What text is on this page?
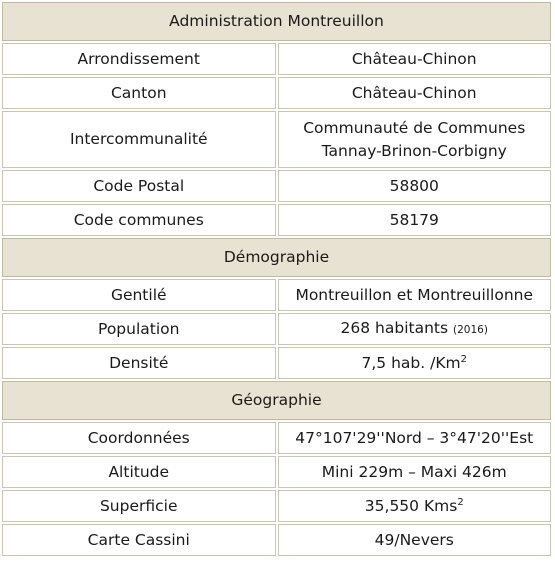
Administration Montreuillon	
Arrondissement	Château-Chinon
Canton	Château-Chinon
Intercommunalité	Communauté de Communes
Tannay-Brinon-Corbigny
Code Postal	58800
Code communes	58179
Démographie	
Gentilé	Montreuillon et Montreuillonne
Population	268 habitants (2016)
Densité	7,5 hab. /Km$^2$
Géographie	
Coordonnées	47°107'29''Nord – 3°47'20''Est
Altitude	Mini 229m – Maxi 426m
Superficie	35,550 Kms$^2$
Carte Cassini	49/Nevers
